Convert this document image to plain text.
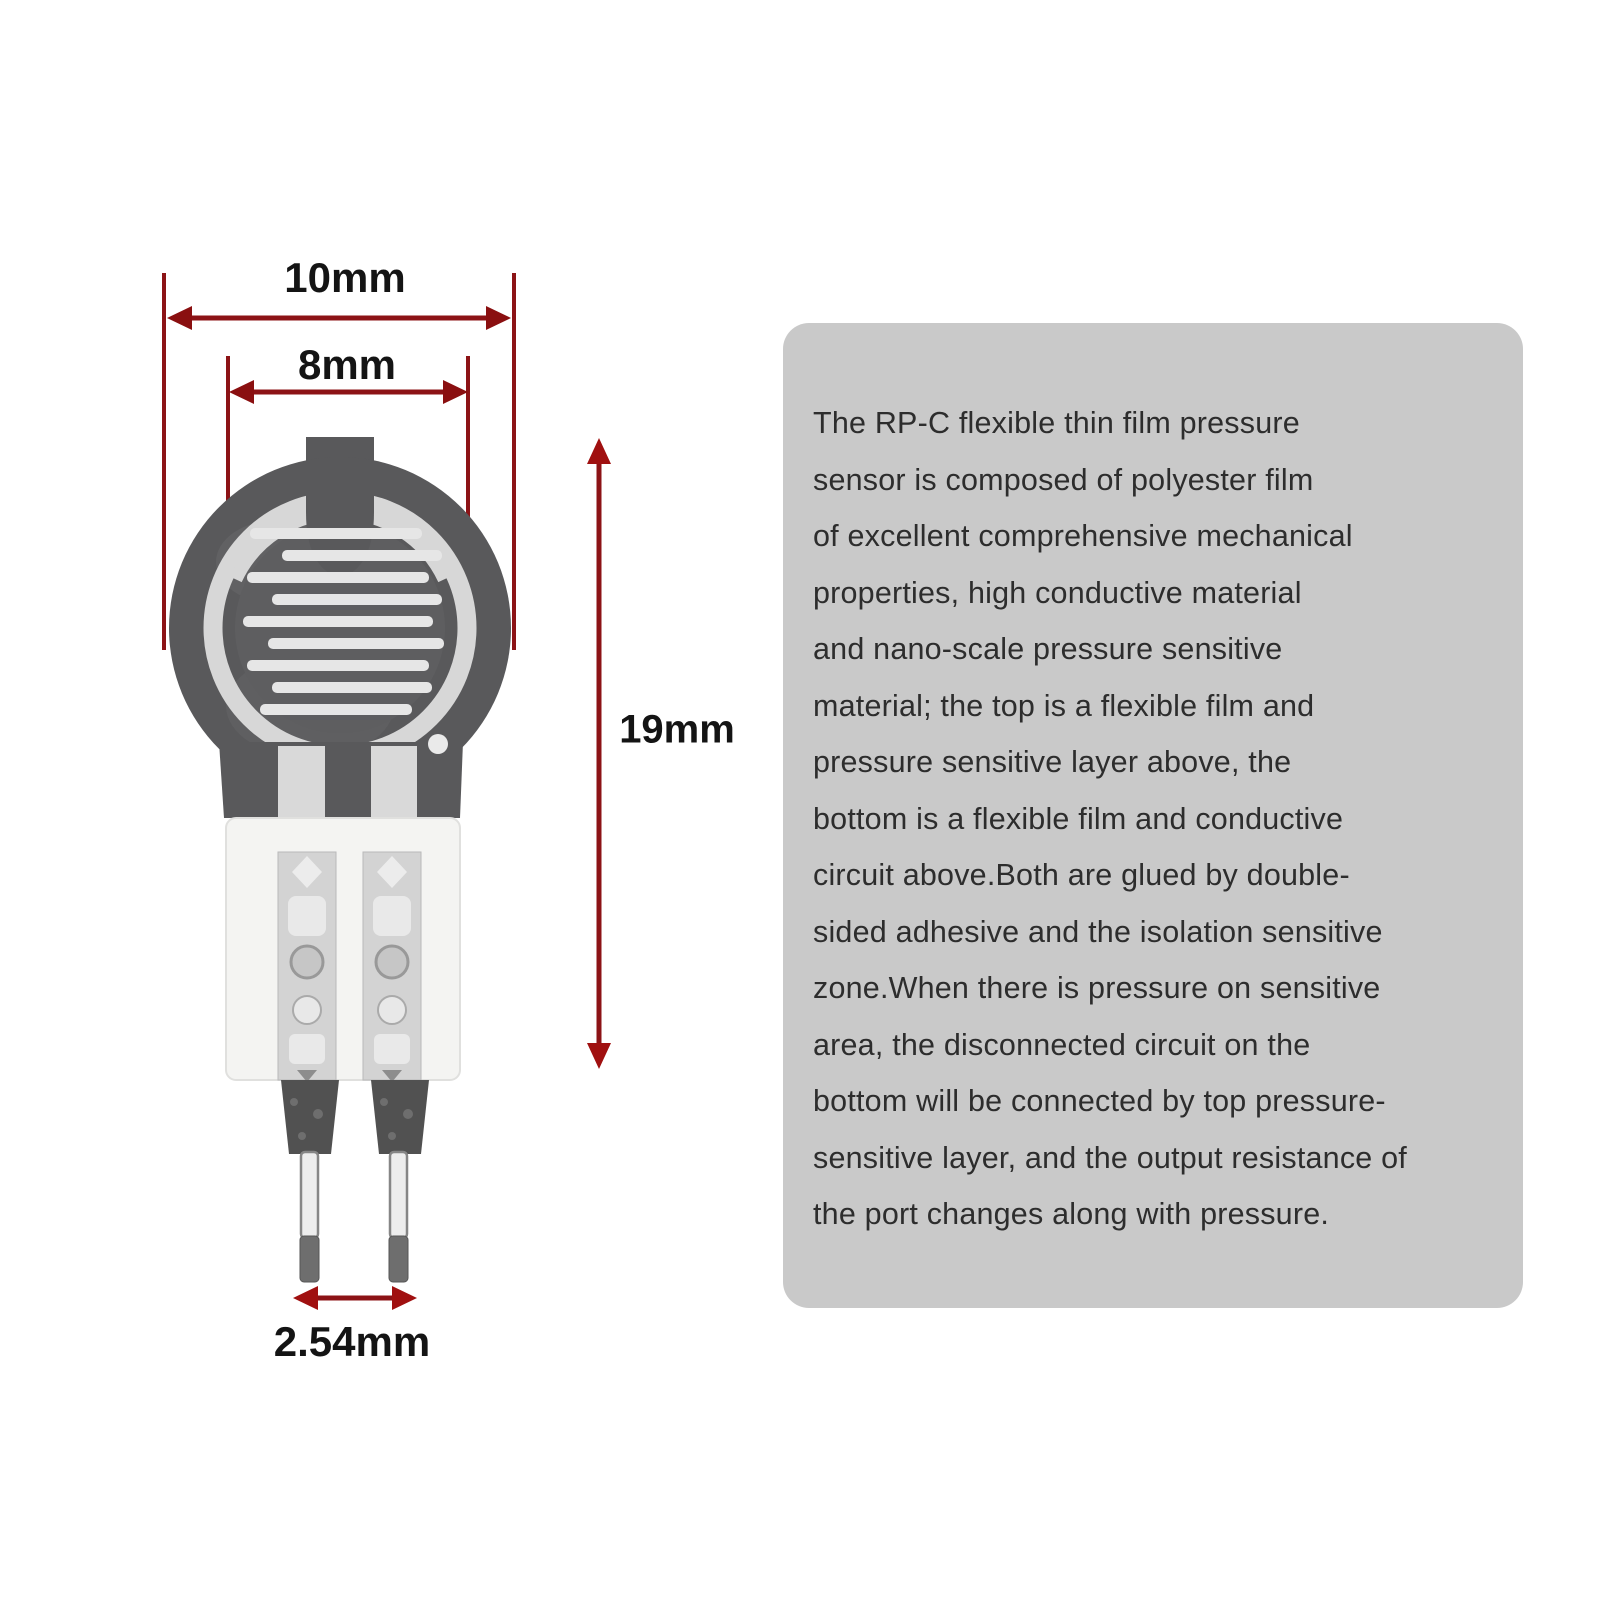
10mm
8mm
19mm
2.54mm
The RP-C flexible thin film pressure
sensor is composed of polyester film
of excellent comprehensive mechanical
properties, high conductive material
and nano-scale pressure sensitive
material; the top is a flexible film and
pressure sensitive layer above, the
bottom is a flexible film and conductive
circuit above.Both are glued by double-
sided adhesive and the isolation sensitive
zone.When there is pressure on sensitive
area, the disconnected circuit on the
bottom will be connected by top pressure-
sensitive layer, and the output resistance of
the port changes along with pressure.
